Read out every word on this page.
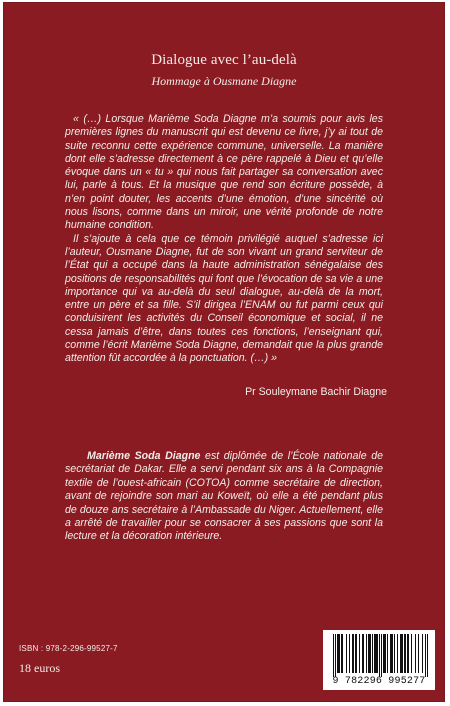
Dialogue avec l’au-delà
Hommage à Ousmane Diagne

« (…) Lorsque Marième Soda Diagne m’a soumis pour avis les premières lignes du manuscrit qui est devenu ce livre, j’y ai tout de suite reconnu cette expérience commune, universelle. La manière dont elle s’adresse directement à ce père rappelé à Dieu et qu’elle évoque dans un « tu » qui nous fait partager sa conversation avec lui, parle à tous. Et la musique que rend son écriture possède, à n’en point douter, les accents d’une émotion, d’une sincérité où nous lisons, comme dans un miroir, une vérité profonde de notre humaine condition.

Il s’ajoute à cela que ce témoin privilégié auquel s’adresse ici l’auteur, Ousmane Diagne, fut de son vivant un grand serviteur de l’État qui a occupé dans la haute administration sénégalaise des positions de responsabilités qui font que l’évocation de sa vie a une importance qui va au-delà du seul dialogue, au-delà de la mort, entre un père et sa fille. S’il dirigea l’ENAM ou fut parmi ceux qui conduisirent les activités du Conseil économique et social, il ne cessa jamais d’être, dans toutes ces fonctions, l’enseignant qui, comme l’écrit Marième Soda Diagne, demandait que la plus grande attention fût accordée à la ponctuation. (…) »

Pr Souleymane Bachir Diagne
Marième Soda Diagne est diplômée de l’École nationale de secrétariat de Dakar. Elle a servi pendant six ans à la Compagnie textile de l’ouest-africain (COTOA) comme secrétaire de direction, avant de rejoindre son mari au Koweït, où elle a été pendant plus de douze ans secrétaire à l’Ambassade du Niger. Actuellement, elle a arrêté de travailler pour se consacrer à ses passions que sont la lecture et la décoration intérieure.
ISBN : 978-2-296-99527-7
18 euros
9 782296 995277
